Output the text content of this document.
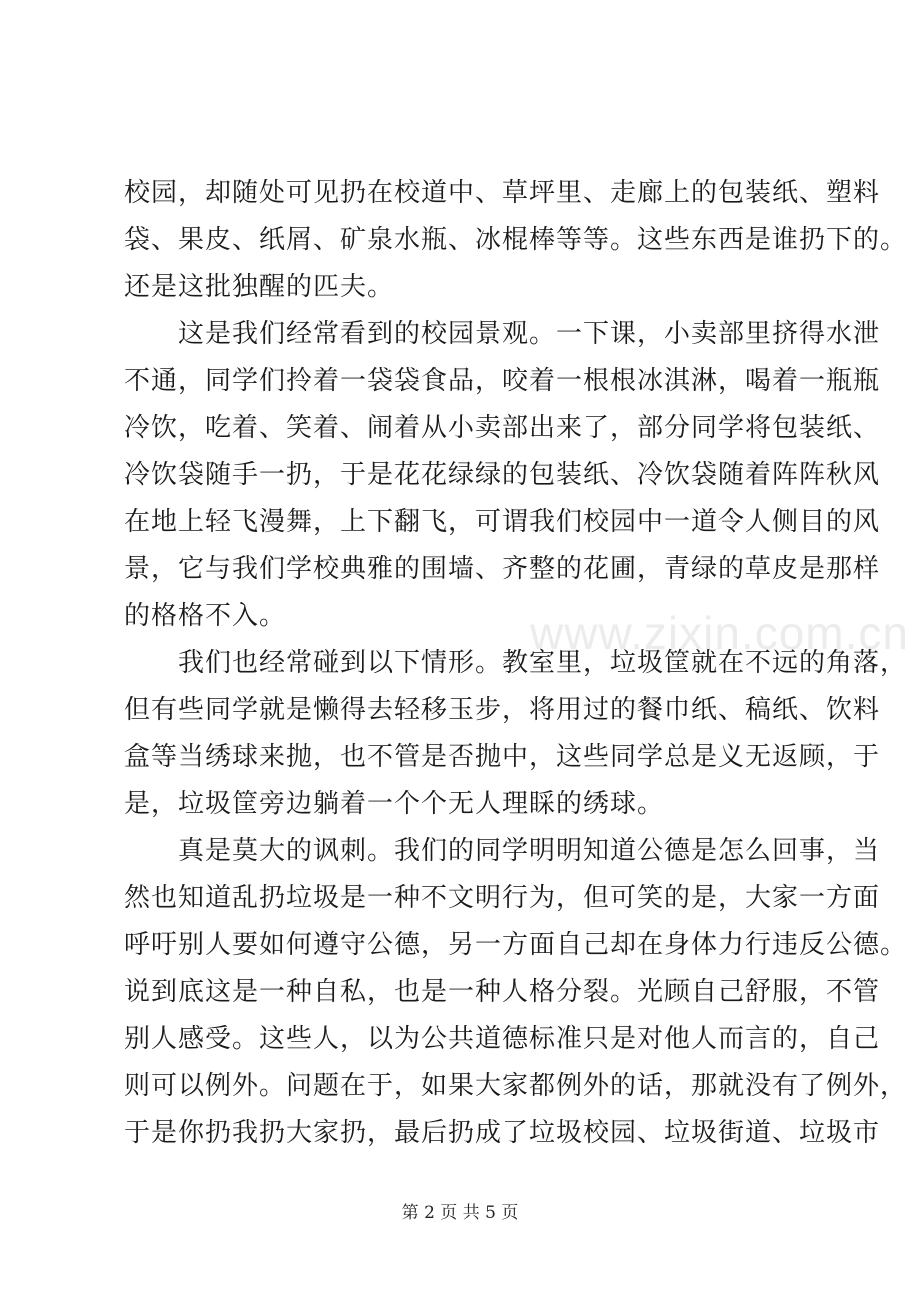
www.zixin.com.cn
校园，却随处可见扔在校道中、草坪里、走廊上的包装纸、塑料
袋、果皮、纸屑、矿泉水瓶、冰棍棒等等。这些东西是谁扔下的。
还是这批独醒的匹夫。
　　这是我们经常看到的校园景观。一下课，小卖部里挤得水泄
不通，同学们拎着一袋袋食品，咬着一根根冰淇淋，喝着一瓶瓶
冷饮，吃着、笑着、闹着从小卖部出来了，部分同学将包装纸、
冷饮袋随手一扔，于是花花绿绿的包装纸、冷饮袋随着阵阵秋风
在地上轻飞漫舞，上下翻飞，可谓我们校园中一道令人侧目的风
景，它与我们学校典雅的围墙、齐整的花圃，青绿的草皮是那样
的格格不入。
　　我们也经常碰到以下情形。教室里，垃圾筐就在不远的角落，
但有些同学就是懒得去轻移玉步，将用过的餐巾纸、稿纸、饮料
盒等当绣球来抛，也不管是否抛中，这些同学总是义无返顾，于
是，垃圾筐旁边躺着一个个无人理睬的绣球。
　　真是莫大的讽刺。我们的同学明明知道公德是怎么回事，当
然也知道乱扔垃圾是一种不文明行为，但可笑的是，大家一方面
呼吁别人要如何遵守公德，另一方面自己却在身体力行违反公德。
说到底这是一种自私，也是一种人格分裂。光顾自己舒服，不管
别人感受。这些人，以为公共道德标准只是对他人而言的，自己
则可以例外。问题在于，如果大家都例外的话，那就没有了例外，
于是你扔我扔大家扔，最后扔成了垃圾校园、垃圾街道、垃圾市
第 2 页 共 5 页
